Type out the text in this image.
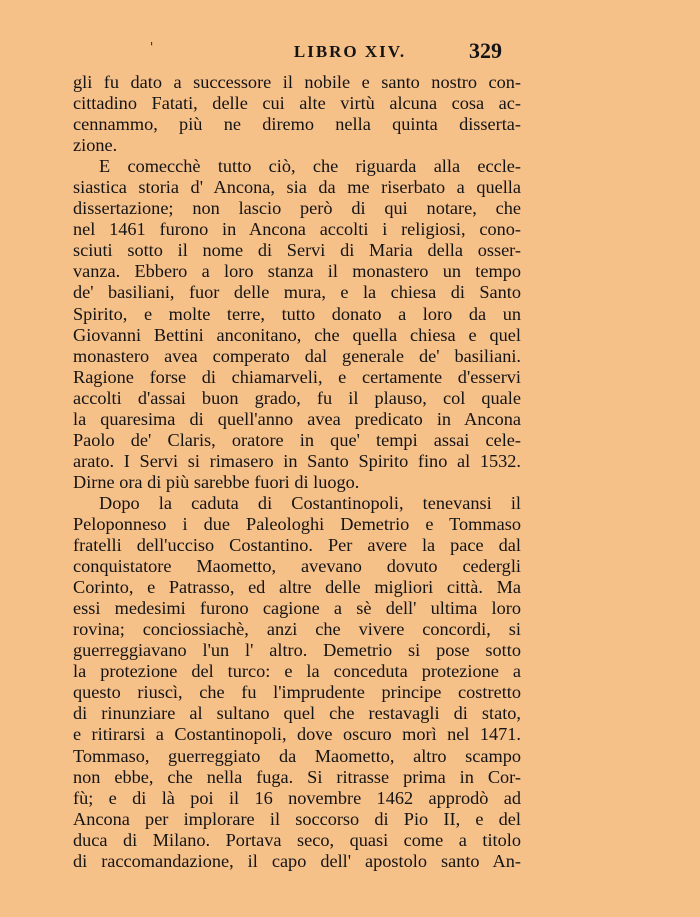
'	LIBRO XIV.	329
gli fu dato a successore il nobile e santo nostro con-
cittadino Fatati, delle cui alte virtù alcuna cosa ac-
cennammo, più ne diremo nella quinta disserta-
zione.
E comecchè tutto ciò, che riguarda alla eccle-
siastica storia d' Ancona, sia da me riserbato a quella
dissertazione; non lascio però di qui notare, che
nel 1461 furono in Ancona accolti i religiosi, cono-
sciuti sotto il nome di Servi di Maria della osser-
vanza. Ebbero a loro stanza il monastero un tempo
de' basiliani, fuor delle mura, e la chiesa di Santo
Spirito, e molte terre, tutto donato a loro da un
Giovanni Bettini anconitano, che quella chiesa e quel
monastero avea comperato dal generale de' basiliani.
Ragione forse di chiamarveli, e certamente d'esservi
accolti d'assai buon grado, fu il plauso, col quale
la quaresima di quell'anno avea predicato in Ancona
Paolo de' Claris, oratore in que' tempi assai cele-
arato. I Servi si rimasero in Santo Spirito fino al 1532.
Dirne ora di più sarebbe fuori di luogo.
Dopo la caduta di Costantinopoli, tenevansi il
Peloponneso i due Paleologhi Demetrio e Tommaso
fratelli dell'ucciso Costantino. Per avere la pace dal
conquistatore Maometto, avevano dovuto cedergli
Corinto, e Patrasso, ed altre delle migliori città. Ma
essi medesimi furono cagione a sè dell' ultima loro
rovina; conciossiachè, anzi che vivere concordi, si
guerreggiavano l'un l' altro. Demetrio si pose sotto
la protezione del turco: e la conceduta protezione a
questo riuscì, che fu l'imprudente principe costretto
di rinunziare al sultano quel che restavagli di stato,
e ritirarsi a Costantinopoli, dove oscuro morì nel 1471.
Tommaso, guerreggiato da Maometto, altro scampo
non ebbe, che nella fuga. Si ritrasse prima in Cor-
fù; e di là poi il 16 novembre 1462 approdò ad
Ancona per implorare il soccorso di Pio II, e del
duca di Milano. Portava seco, quasi come a titolo
di raccomandazione, il capo dell' apostolo santo An-
